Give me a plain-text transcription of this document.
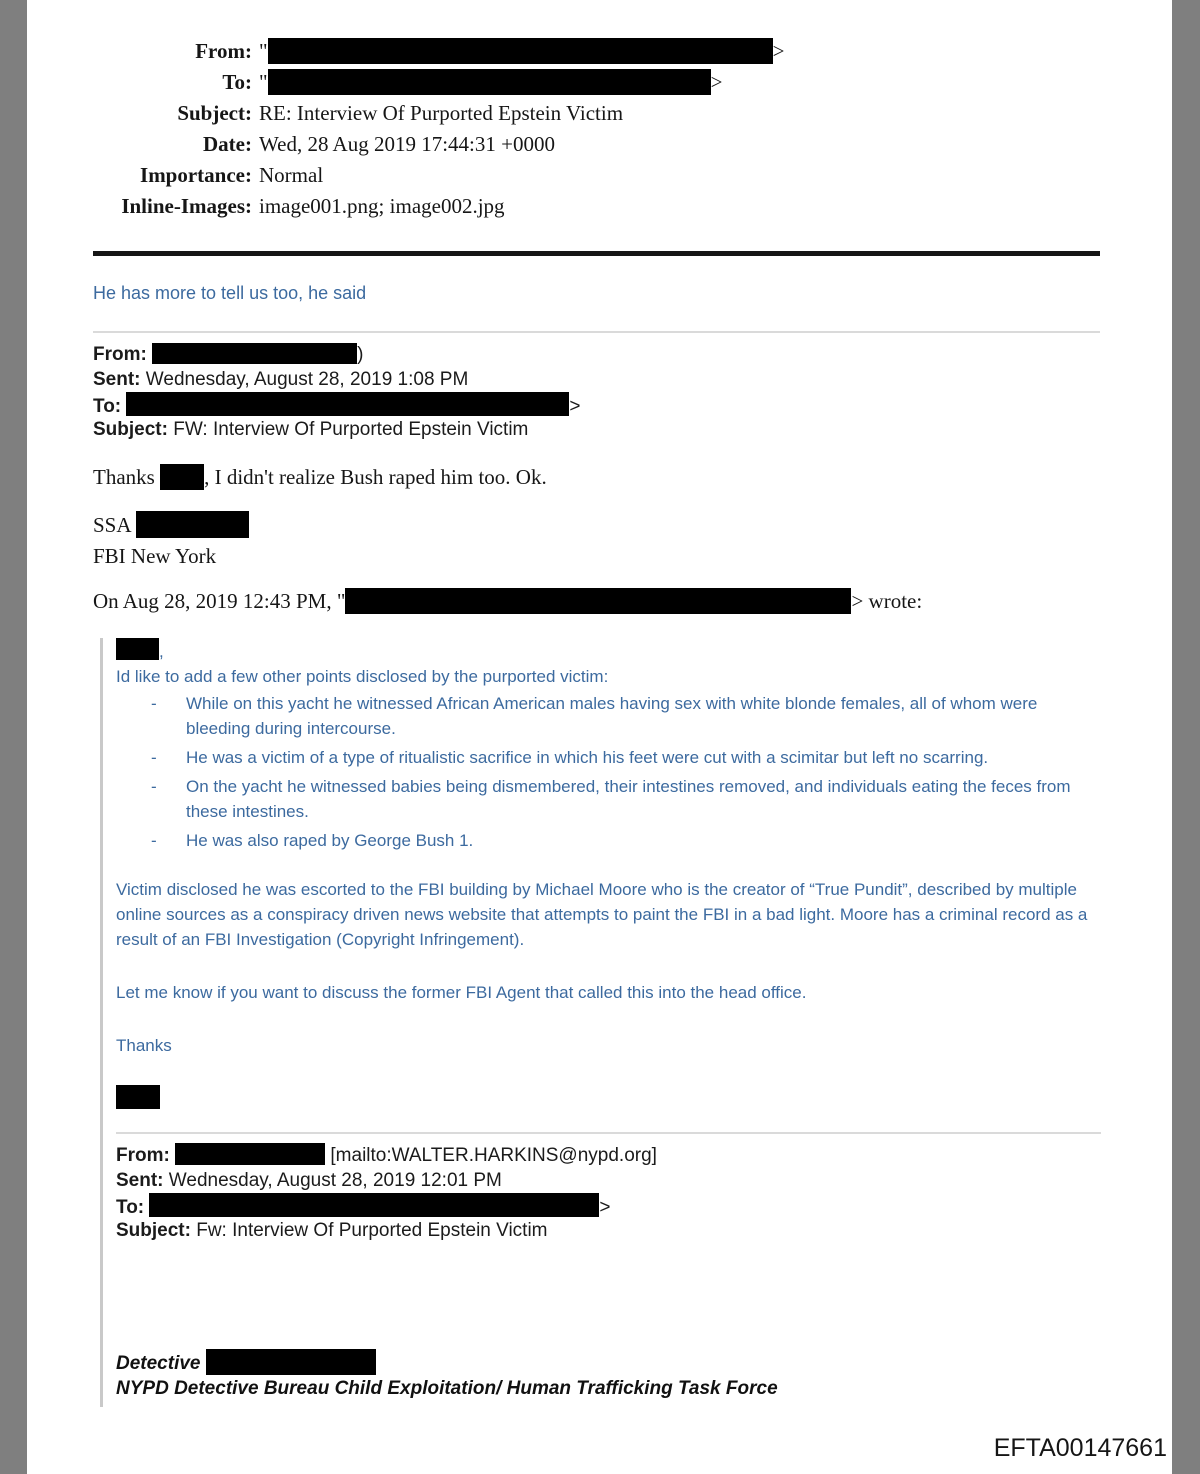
From: "	>
To: "	>
Subject: RE: Interview Of Purported Epstein Victim
Date: Wed, 28 Aug 2019 17:44:31 +0000
Importance: Normal
Inline-Images: image001.png; image002.jpg
He has more to tell us too, he said
From:	)
Sent: Wednesday, August 28, 2019 1:08 PM
To:	>
Subject: FW: Interview Of Purported Epstein Victim
Thanks , I didn't realize Bush raped him too. Ok.
SSA
FBI New York
On Aug 28, 2019 12:43 PM, "	> wrote:
,
Id like to add a few other points disclosed by the purported victim:
-	While on this yacht he witnessed African American males having sex with white blonde females, all of whom were bleeding during intercourse.
-	He was a victim of a type of ritualistic sacrifice in which his feet were cut with a scimitar but left no scarring.
-	On the yacht he witnessed babies being dismembered, their intestines removed, and individuals eating the feces from these intestines.
-	He was also raped by George Bush 1.
Victim disclosed he was escorted to the FBI building by Michael Moore who is the creator of “True Pundit”, described by multiple online sources as a conspiracy driven news website that attempts to paint the FBI in a bad light. Moore has a criminal record as a result of an FBI Investigation (Copyright Infringement).
Let me know if you want to discuss the former FBI Agent that called this into the head office.
Thanks
From:	[mailto:WALTER.HARKINS@nypd.org]
Sent: Wednesday, August 28, 2019 12:01 PM
To:	>
Subject: Fw: Interview Of Purported Epstein Victim
Detective
NYPD Detective Bureau Child Exploitation/ Human Trafficking Task Force
EFTA00147661
